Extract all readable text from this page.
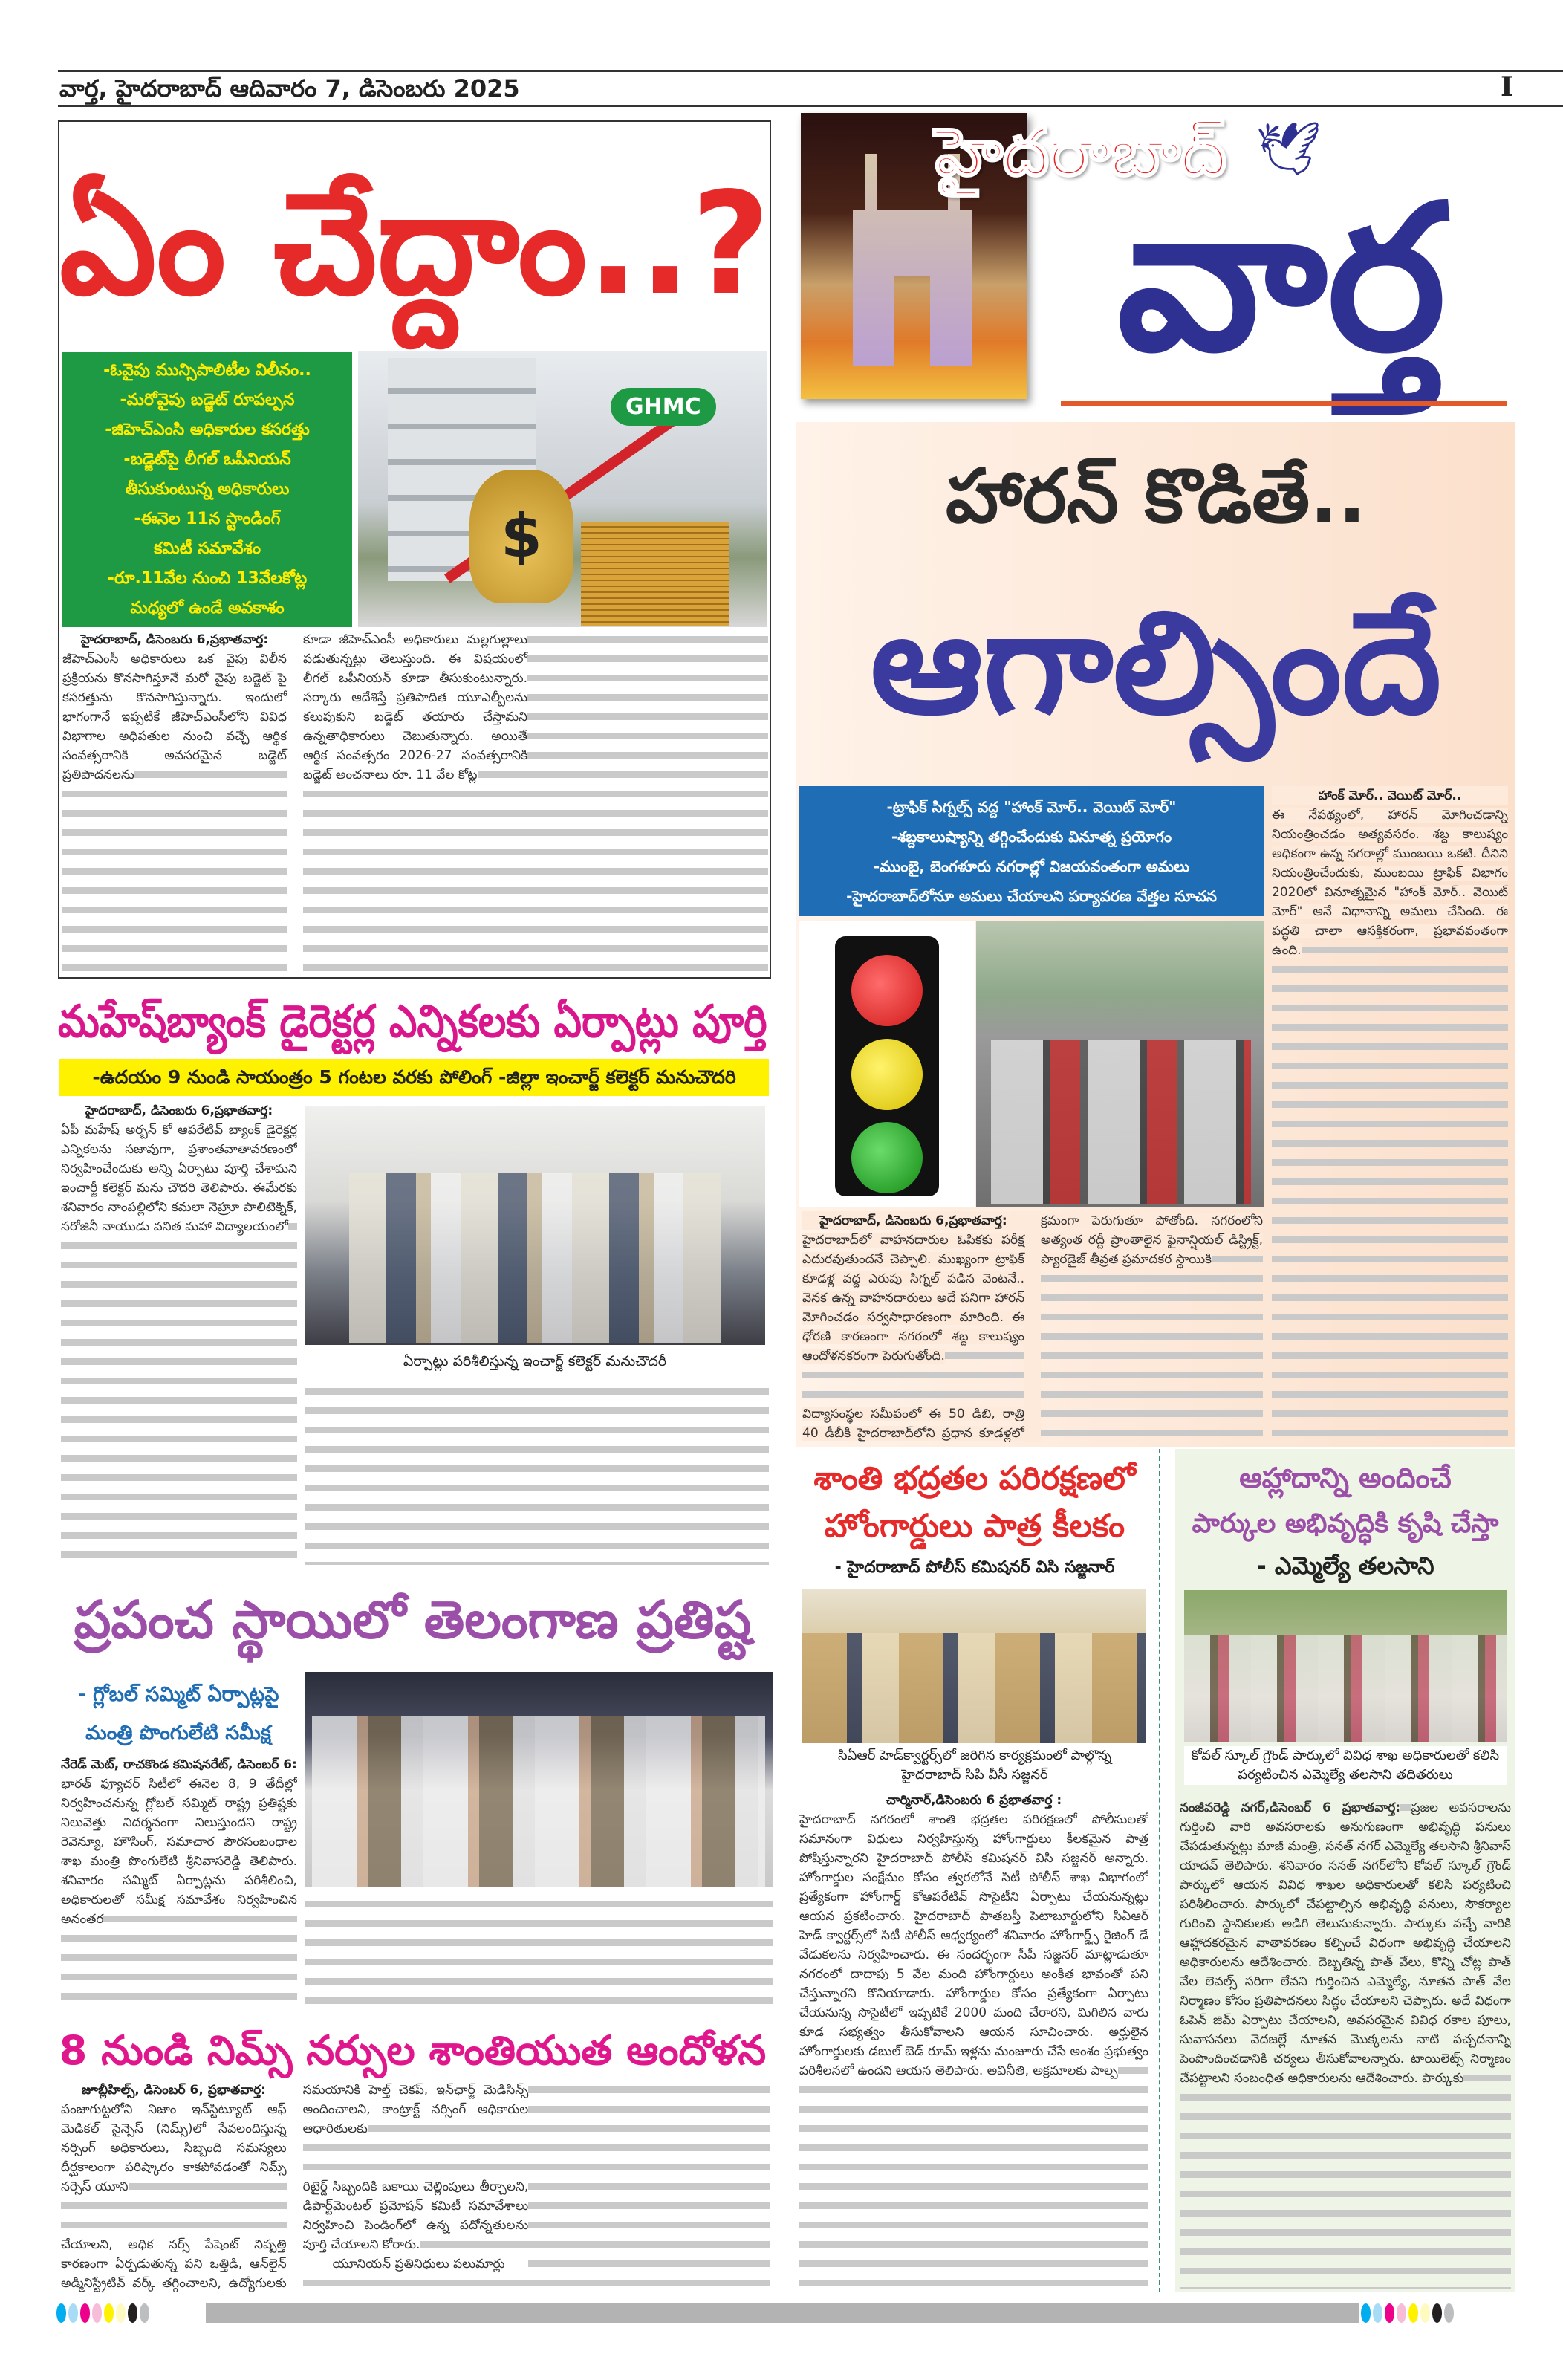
వార్త, హైదరాబాద్ ఆదివారం 7, డిసెంబరు 2025	I
ఏం చేద్దాం..?
-ఓవైపు మున్సిపాలిటీల విలీనం..
-మరోవైపు బడ్జెట్ రూపల్పన
-జిహెచ్ఎంసి అధికారుల కసరత్తు
-బడ్జెట్‌పై లీగల్ ఒపీనియన్
తీసుకుంటున్న అధికారులు
-ఈనెల 11న స్టాండింగ్
కమిటీ సమావేశం
-రూ.11వేల నుంచి 13వేలకోట్ల
మధ్యలో ఉండే అవకాశం
GHMC
$
హైదరాబాద్, డిసెంబరు 6,ప్రభాతవార్త:
జీహెచ్ఎంసీ అధికారులు ఒక వైపు విలీన ప్రక్రియను కొనసాగిస్తూనే మరో వైపు బడ్జెట్ పై కసరత్తును కొనసాగిస్తున్నారు. ఇందులో భాగంగానే ఇప్పటికే జీహెచ్ఎంసీలోని వివిధ విభాగాల అధిపతుల నుంచి వచ్చే ఆర్థిక సంవత్సరానికి అవసరమైన బడ్జెట్ ప్రతిపాదనలను
కూడా జీహెచ్ఎంసీ అధికారులు మల్లగుల్లాలు పడుతున్నట్లు తెలుస్తుంది. ఈ విషయంలో లీగల్ ఒపీనియన్ కూడా తీసుకుంటున్నారు. సర్కారు ఆదేశిస్తే ప్రతిపాదిత యూఎల్బీలను కలుపుకుని బడ్జెట్ తయారు చేస్తామని ఉన్నతాధికారులు చెబుతున్నారు. అయితే ఆర్థిక సంవత్సరం 2026-27 సంవత్సరానికి బడ్జెట్ అంచనాలు రూ. 11 వేల కోట్ల
హైదరాబాద్ 🕊
వార్త
హారన్ కొడితే..
ఆగాల్సిందే
-ట్రాఫిక్ సిగ్నల్స్ వద్ద "హాంక్ మోర్.. వెయిట్ మోర్"
-శబ్దకాలుష్యాన్ని తగ్గించేందుకు వినూత్న ప్రయోగం
-ముంబై, బెంగళూరు నగరాల్లో విజయవంతంగా అమలు
-హైదరాబాద్‌లోనూ అమలు చేయాలని పర్యావరణ వేత్తల సూచన
హైదరాబాద్, డిసెంబరు 6,ప్రభాతవార్త:
హైదరాబాద్‌లో వాహనదారుల ఓపికకు పరీక్ష ఎదురవుతుందనే చెప్పాలి. ముఖ్యంగా ట్రాఫిక్ కూడళ్ల వద్ద ఎరుపు సిగ్నల్ పడిన వెంటనే.. వెనక ఉన్న వాహనదారులు అదే పనిగా హారన్ మోగించడం సర్వసాధారణంగా మారింది. ఈ ధోరణి కారణంగా నగరంలో శబ్ద కాలుష్యం ఆందోళనకరంగా పెరుగుతోంది.
విద్యాసంస్థల సమీపంలో ఈ 50 డిబి, రాత్రి 40 డీబీకి హైదరాబాద్‌లోని ప్రధాన కూడళ్లలో క్రమంగా పెరుగుతూ పోతోంది. నగరంలోని అత్యంత రద్దీ ప్రాంతాలైన ఫైనాన్షియల్ డిస్ట్రిక్ట్, ప్యారడైజ్ తీవ్రత ప్రమాదకర స్థాయికి
హాంక్ మోర్.. వెయిట్ మోర్..
ఈ నేపథ్యంలో, హారన్ మోగించడాన్ని నియంత్రించడం అత్యవసరం. శబ్ద కాలుష్యం అధికంగా ఉన్న నగరాల్లో ముంబయి ఒకటి. దీనిని నియంత్రించేందుకు, ముంబయి ట్రాఫిక్ విభాగం 2020లో వినూత్నమైన "హాంక్ మోర్.. వెయిట్ మోర్" అనే విధానాన్ని అమలు చేసింది. ఈ పద్ధతి చాలా ఆసక్తికరంగా, ప్రభావవంతంగా ఉంది.
మహేష్‌బ్యాంక్ డైరెక్టర్ల ఎన్నికలకు ఏర్పాట్లు పూర్తి
-ఉదయం 9 నుండి సాయంత్రం 5 గంటల వరకు పోలింగ్ -జిల్లా ఇంచార్జ్ కలెక్టర్ మనుచౌదరి
హైదరాబాద్, డిసెంబరు 6,ప్రభాతవార్త:
ఏపీ మహేష్ అర్బన్ కో ఆపరేటివ్ బ్యాంక్ డైరెక్టర్ల ఎన్నికలను సజావుగా, ప్రశాంతవాతావరణంలో నిర్వహించేందుకు అన్ని ఏర్పాటు పూర్తి చేశామని ఇంచార్జీ కలెక్టర్ మను చౌదరి తెలిపారు. ఈమేరకు శనివారం నాంపల్లిలోని కమలా నెహ్రూ పాలిటెక్నిక్, సరోజినీ నాయుడు వనిత మహా విద్యాలయంలో
ఏర్పాట్లు పరిశీలిస్తున్న ఇంచార్జ్ కలెక్టర్ మనుచౌదరీ
ప్రపంచ స్థాయిలో తెలంగాణ ప్రతిష్ట
- గ్లోబల్ సమ్మిట్ ఏర్పాట్లపై
మంత్రి పొంగులేటి సమీక్ష
నేరెడ్ మెట్, రాచకొండ కమిషనరేట్, డిసెంబర్ 6:
భారత్ ఫ్యూచర్ సిటీలో ఈనెల 8, 9 తేదీల్లో నిర్వహించనున్న గ్లోబల్ సమ్మిట్ రాష్ట్ర ప్రతిష్టకు నిలువెత్తు నిదర్శనంగా నిలుస్తుందని రాష్ట్ర రెవెన్యూ, హౌసింగ్, సమాచార పౌరసంబంధాల శాఖ మంత్రి పొంగులేటి శ్రీనివాసరెడ్డి తెలిపారు. శనివారం సమ్మిట్ ఏర్పాట్లను పరిశీలించి, అధికారులతో సమీక్ష సమావేశం నిర్వహించిన అనంతర
8 నుండి నిమ్స్ నర్సుల శాంతియుత ఆందోళన
జూబ్లీహిల్స్, డిసెంబర్ 6, ప్రభాతవార్త:
పంజాగుట్టలోని నిజాం ఇన్‌స్టిట్యూట్ ఆఫ్ మెడికల్ సైన్సెస్ (నిమ్స్)లో సేవలందిస్తున్న నర్సింగ్ అధికారులు, సిబ్బంది సమస్యలు దీర్ఘకాలంగా పరిష్కారం కాకపోవడంతో నిమ్స్ నర్సెస్ యూని
చేయాలని, అధిక నర్స్ పేషెంట్ నిష్పత్తి కారణంగా ఏర్పడుతున్న పని ఒత్తిడి, ఆన్‌లైన్ అడ్మినిస్ట్రేటివ్ వర్క్ తగ్గించాలని, ఉద్యోగులకు సమయానికి హెల్త్ చెకప్, ఇన్‌ఛార్జ్ మెడిసిన్స్ అందించాలని, కాంట్రాక్ట్ నర్సింగ్ అధికారుల ఆధారితులకు
రిటైర్డ్ సిబ్బందికి బకాయి చెల్లింపులు తీర్చాలని, డిపార్ట్‌మెంటల్ ప్రమోషన్ కమిటీ సమావేశాలు నిర్వహించి పెండింగ్‌లో ఉన్న పదోన్నతులను పూర్తి చేయాలని కోరారు.
యూనియన్ ప్రతినిధులు పలుమార్లు
శాంతి భద్రతల పరిరక్షణలో
హోంగార్డులు పాత్ర కీలకం
- హైదరాబాద్ పోలీస్ కమిషనర్ విసి సజ్జనార్
సిఏఆర్ హెడ్‌క్వార్టర్స్‌లో జరిగిన కార్యక్రమంలో పాల్గొన్న హైదరాబాద్ సిపి వీసీ సజ్జనర్
చార్మినార్,డిసెంబరు 6 ప్రభాతవార్త :
హైదరాబాద్ నగరంలో శాంతి భద్రతల పరిరక్షణలో పోలీసులతో సమానంగా విధులు నిర్వహిస్తున్న హోంగార్డులు కీలకమైన పాత్ర పోషిస్తున్నారని హైదరాబాద్ పోలీస్ కమిషనర్ విసి సజ్జనర్ అన్నారు. హోంగార్డుల సంక్షేమం కోసం త్వరలోనే సిటీ పోలీస్ శాఖ విభాగంలో ప్రత్యేకంగా హోంగార్డ్ కోఆపరేటివ్ సొసైటీని ఏర్పాటు చేయనున్నట్లు ఆయన ప్రకటించారు. హైదరాబాద్ పాతబస్తీ పెటాబూర్జులోని సిఏఆర్ హెడ్ క్వార్టర్స్‌లో సిటీ పోలీస్ ఆధ్వర్యంలో శనివారం హోంగార్డ్స్ రైజింగ్ డే వేడుకలను నిర్వహించారు. ఈ సందర్భంగా సీపీ సజ్జనర్ మాట్లాడుతూ నగరంలో దాదాపు 5 వేల మంది హోంగార్డులు అంకిత భావంతో పని చేస్తున్నారని కొనియాడారు. హోంగార్డుల కోసం ప్రత్యేకంగా ఏర్పాటు చేయనున్న సొసైటీలో ఇప్పటికే 2000 మంది చేరారని, మిగిలిన వారు కూడ సభ్యత్వం తీసుకోవాలని ఆయన సూచించారు. అర్హులైన హోంగార్డులకు డబుల్ బెడ్ రూమ్ ఇళ్లను మంజూరు చేసే అంశం ప్రభుత్వం పరిశీలనలో ఉందని ఆయన తెలిపారు. అవినీతి, అక్రమాలకు పాల్ప
ఆహ్లాదాన్ని అందించే
పార్కుల అభివృద్ధికి కృషి చేస్తా
- ఎమ్మెల్యే తలసాని
కోవల్ స్కూల్ గ్రౌండ్ పార్కులో వివిధ శాఖ అధికారులతో కలిసి పర్యటించిన ఎమ్మెల్యే తలసాని తదితరులు
నంజీవరెడ్డి నగర్,డిసెంబర్ 6 ప్రభాతవార్త: ప్రజల అవసరాలను గుర్తించి వారి అవసరాలకు అనుగుణంగా అభివృద్ధి పనులు చేపడుతున్నట్లు మాజీ మంత్రి, సనత్ నగర్ ఎమ్మెల్యే తలసాని శ్రీనివాస్ యాదవ్ తెలిపారు. శనివారం సనత్ నగర్‌లోని కోవల్ స్కూల్ గ్రౌండ్ పార్కులో ఆయన వివిధ శాఖల అధికారులతో కలిసి పర్యటించి పరిశీలించారు. పార్కులో చేపట్టాల్సిన అభివృద్ధి పనులు, సౌకర్యాల గురించి స్థానికులకు అడిగి తెలుసుకున్నారు. పార్కుకు వచ్చే వారికి ఆహ్లాదకరమైన వాతావరణం కల్పించే విధంగా అభివృద్ధి చేయాలని అధికారులను ఆదేశించారు. దెబ్బతిన్న పాత్ వేలు, కొన్ని చోట్ల పాత్ వేల లెవల్స్ సరిగా లేవని గుర్తించిన ఎమ్మెల్యే, నూతన పాత్ వేల నిర్మాణం కోసం ప్రతిపాదనలు సిద్ధం చేయాలని చెప్పారు. అదే విధంగా ఓపెన్ జిమ్ ఏర్పాటు చేయాలని, అవసరమైన వివిధ రకాల పూలు, సువాసనలు వెదజల్లే నూతన మొక్కలను నాటి పచ్చదనాన్ని పెంపొందించడానికి చర్యలు తీసుకోవాలన్నారు. టాయిలెట్స్ నిర్మాణం చేపట్టాలని సంబంధిత అధికారులను ఆదేశించారు. పార్కుకు
